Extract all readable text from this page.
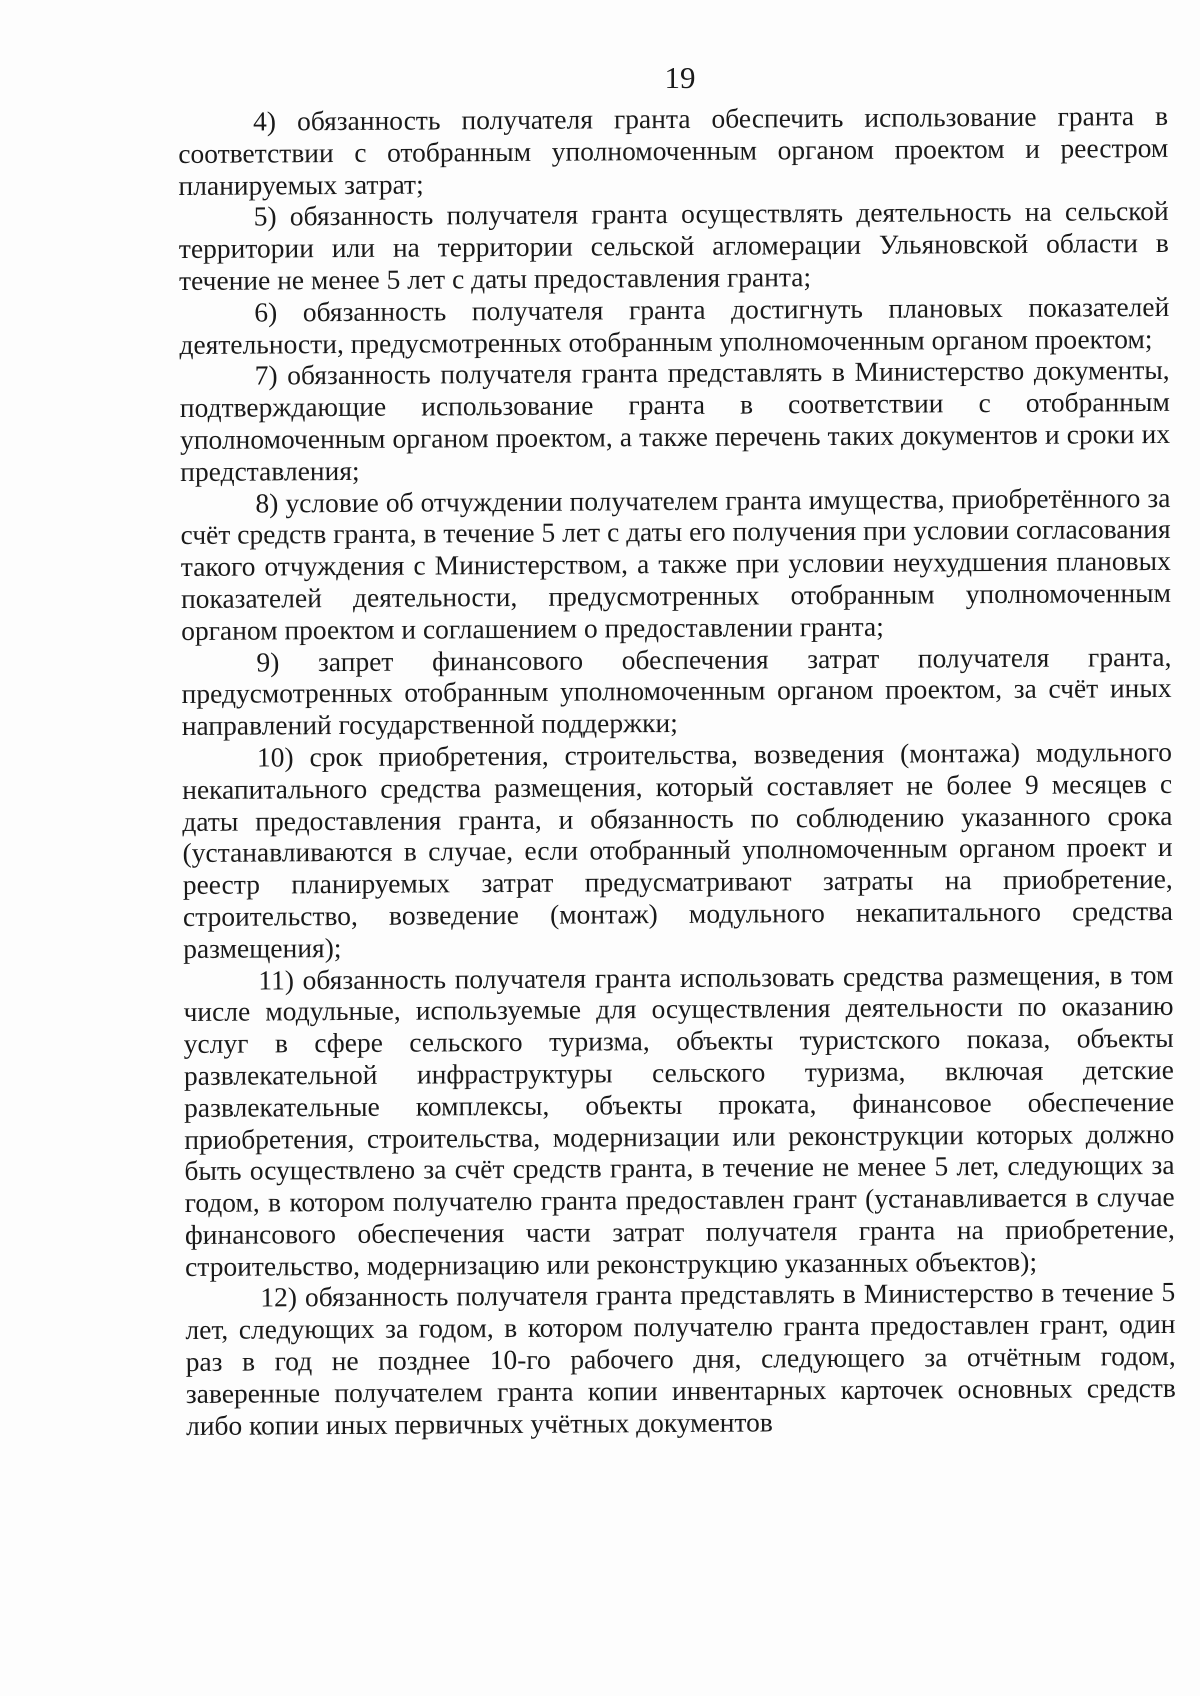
19

4) обязанность получателя гранта обеспечить использование гранта в соответствии с отобранным уполномоченным органом проектом и реестром планируемых затрат;

5) обязанность получателя гранта осуществлять деятельность на сельской территории или на территории сельской агломерации Ульяновской области в течение не менее 5 лет с даты предоставления гранта;

6) обязанность получателя гранта достигнуть плановых показателей деятельности, предусмотренных отобранным уполномоченным органом проектом;

7) обязанность получателя гранта представлять в Министерство документы, подтверждающие использование гранта в соответствии с отобранным уполномоченным органом проектом, а также перечень таких документов и сроки их представления;

8) условие об отчуждении получателем гранта имущества, приобретённого за счёт средств гранта, в течение 5 лет с даты его получения при условии согласования такого отчуждения с Министерством, а также при условии неухудшения плановых показателей деятельности, предусмотренных отобранным уполномоченным органом проектом и соглашением о предоставлении гранта;

9) запрет финансового обеспечения затрат получателя гранта, предусмотренных отобранным уполномоченным органом проектом, за счёт иных направлений государственной поддержки;

10) срок приобретения, строительства, возведения (монтажа) модульного некапитального средства размещения, который составляет не более 9 месяцев с даты предоставления гранта, и обязанность по соблюдению указанного срока (устанавливаются в случае, если отобранный уполномоченным органом проект и реестр планируемых затрат предусматривают затраты на приобретение, строительство, возведение (монтаж) модульного некапитального средства размещения);

11) обязанность получателя гранта использовать средства размещения, в том числе модульные, используемые для осуществления деятельности по оказанию услуг в сфере сельского туризма, объекты туристского показа, объекты развлекательной инфраструктуры сельского туризма, включая детские развлекательные комплексы, объекты проката, финансовое обеспечение приобретения, строительства, модернизации или реконструкции которых должно быть осуществлено за счёт средств гранта, в течение не менее 5 лет, следующих за годом, в котором получателю гранта предоставлен грант (устанавливается в случае финансового обеспечения части затрат получателя гранта на приобретение, строительство, модернизацию или реконструкцию указанных объектов);

12) обязанность получателя гранта представлять в Министерство в течение 5 лет, следующих за годом, в котором получателю гранта предоставлен грант, один раз в год не позднее 10-го рабочего дня, следующего за отчётным годом, заверенные получателем гранта копии инвентарных карточек основных средств либо копии иных первичных учётных документов
